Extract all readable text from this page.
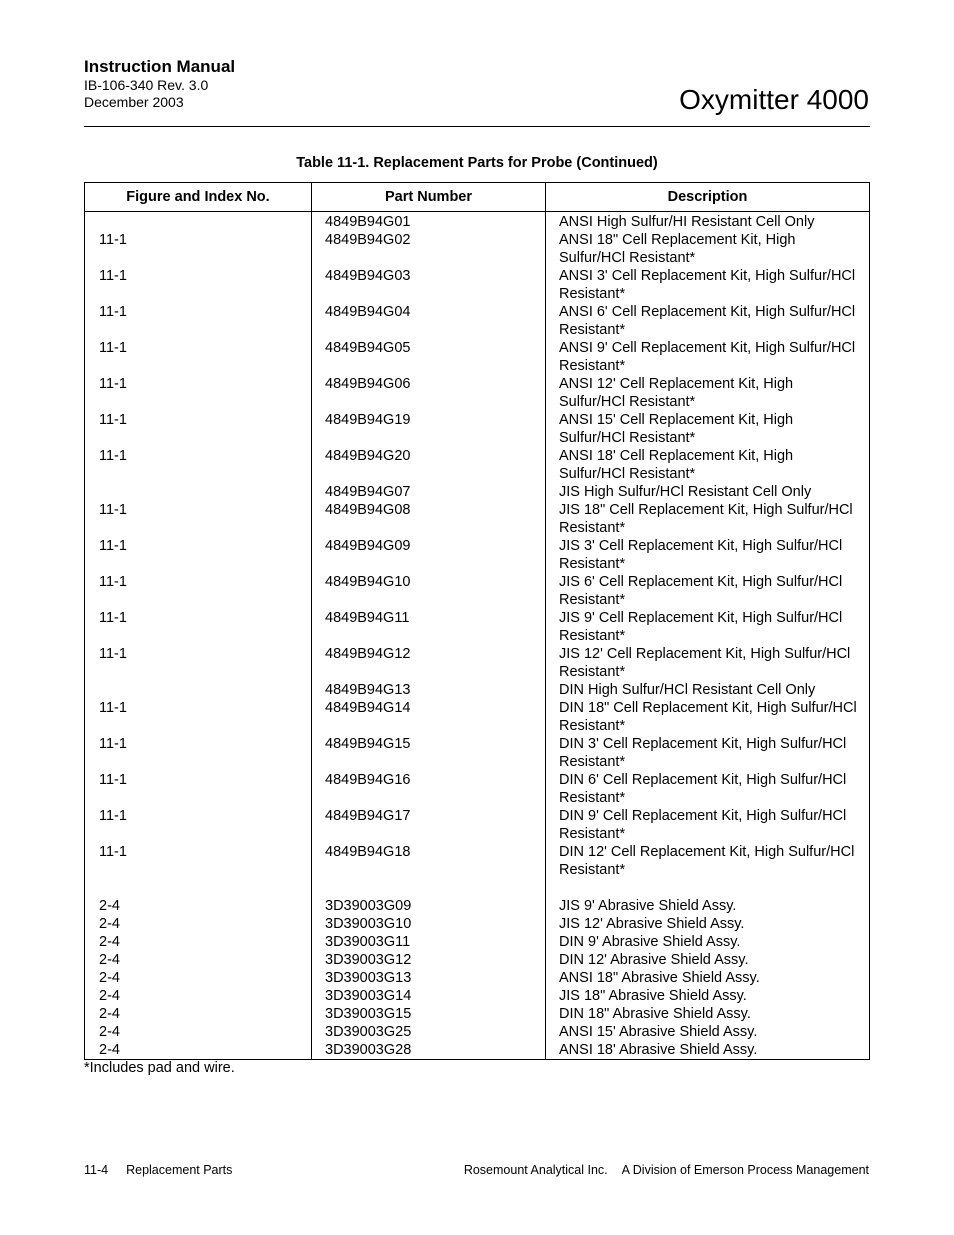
Instruction Manual
IB-106-340 Rev. 3.0
December 2003	Oxymitter 4000
Table 11-1. Replacement Parts for Probe (Continued)
Figure and Index No.	Part Number	Description
	4849B94G01	ANSI High Sulfur/HI Resistant Cell Only
11-1	4849B94G02	ANSI 18" Cell Replacement Kit, High Sulfur/HCl Resistant*
11-1	4849B94G03	ANSI 3' Cell Replacement Kit, High Sulfur/HCl Resistant*
11-1	4849B94G04	ANSI 6' Cell Replacement Kit, High Sulfur/HCl Resistant*
11-1	4849B94G05	ANSI 9' Cell Replacement Kit, High Sulfur/HCl Resistant*
11-1	4849B94G06	ANSI 12' Cell Replacement Kit, High Sulfur/HCl Resistant*
11-1	4849B94G19	ANSI 15' Cell Replacement Kit, High Sulfur/HCl Resistant*
11-1	4849B94G20	ANSI 18' Cell Replacement Kit, High Sulfur/HCl Resistant*
	4849B94G07	JIS High Sulfur/HCl Resistant Cell Only
11-1	4849B94G08	JIS 18" Cell Replacement Kit, High Sulfur/HCl Resistant*
11-1	4849B94G09	JIS 3' Cell Replacement Kit, High Sulfur/HCl Resistant*
11-1	4849B94G10	JIS 6' Cell Replacement Kit, High Sulfur/HCl Resistant*
11-1	4849B94G11	JIS 9' Cell Replacement Kit, High Sulfur/HCl Resistant*
11-1	4849B94G12	JIS 12' Cell Replacement Kit, High Sulfur/HCl Resistant*
	4849B94G13	DIN High Sulfur/HCl Resistant Cell Only
11-1	4849B94G14	DIN 18" Cell Replacement Kit, High Sulfur/HCl Resistant*
11-1	4849B94G15	DIN 3' Cell Replacement Kit, High Sulfur/HCl Resistant*
11-1	4849B94G16	DIN 6' Cell Replacement Kit, High Sulfur/HCl Resistant*
11-1	4849B94G17	DIN 9' Cell Replacement Kit, High Sulfur/HCl Resistant*
11-1	4849B94G18	DIN 12' Cell Replacement Kit, High Sulfur/HCl Resistant*

2-4	3D39003G09	JIS 9' Abrasive Shield Assy.
2-4	3D39003G10	JIS 12' Abrasive Shield Assy.
2-4	3D39003G11	DIN 9' Abrasive Shield Assy.
2-4	3D39003G12	DIN 12' Abrasive Shield Assy.
2-4	3D39003G13	ANSI 18" Abrasive Shield Assy.
2-4	3D39003G14	JIS 18" Abrasive Shield Assy.
2-4	3D39003G15	DIN 18" Abrasive Shield Assy.
2-4	3D39003G25	ANSI 15' Abrasive Shield Assy.
2-4	3D39003G28	ANSI 18' Abrasive Shield Assy.
*Includes pad and wire.
11-4 Replacement Parts	Rosemount Analytical Inc. A Division of Emerson Process Management
